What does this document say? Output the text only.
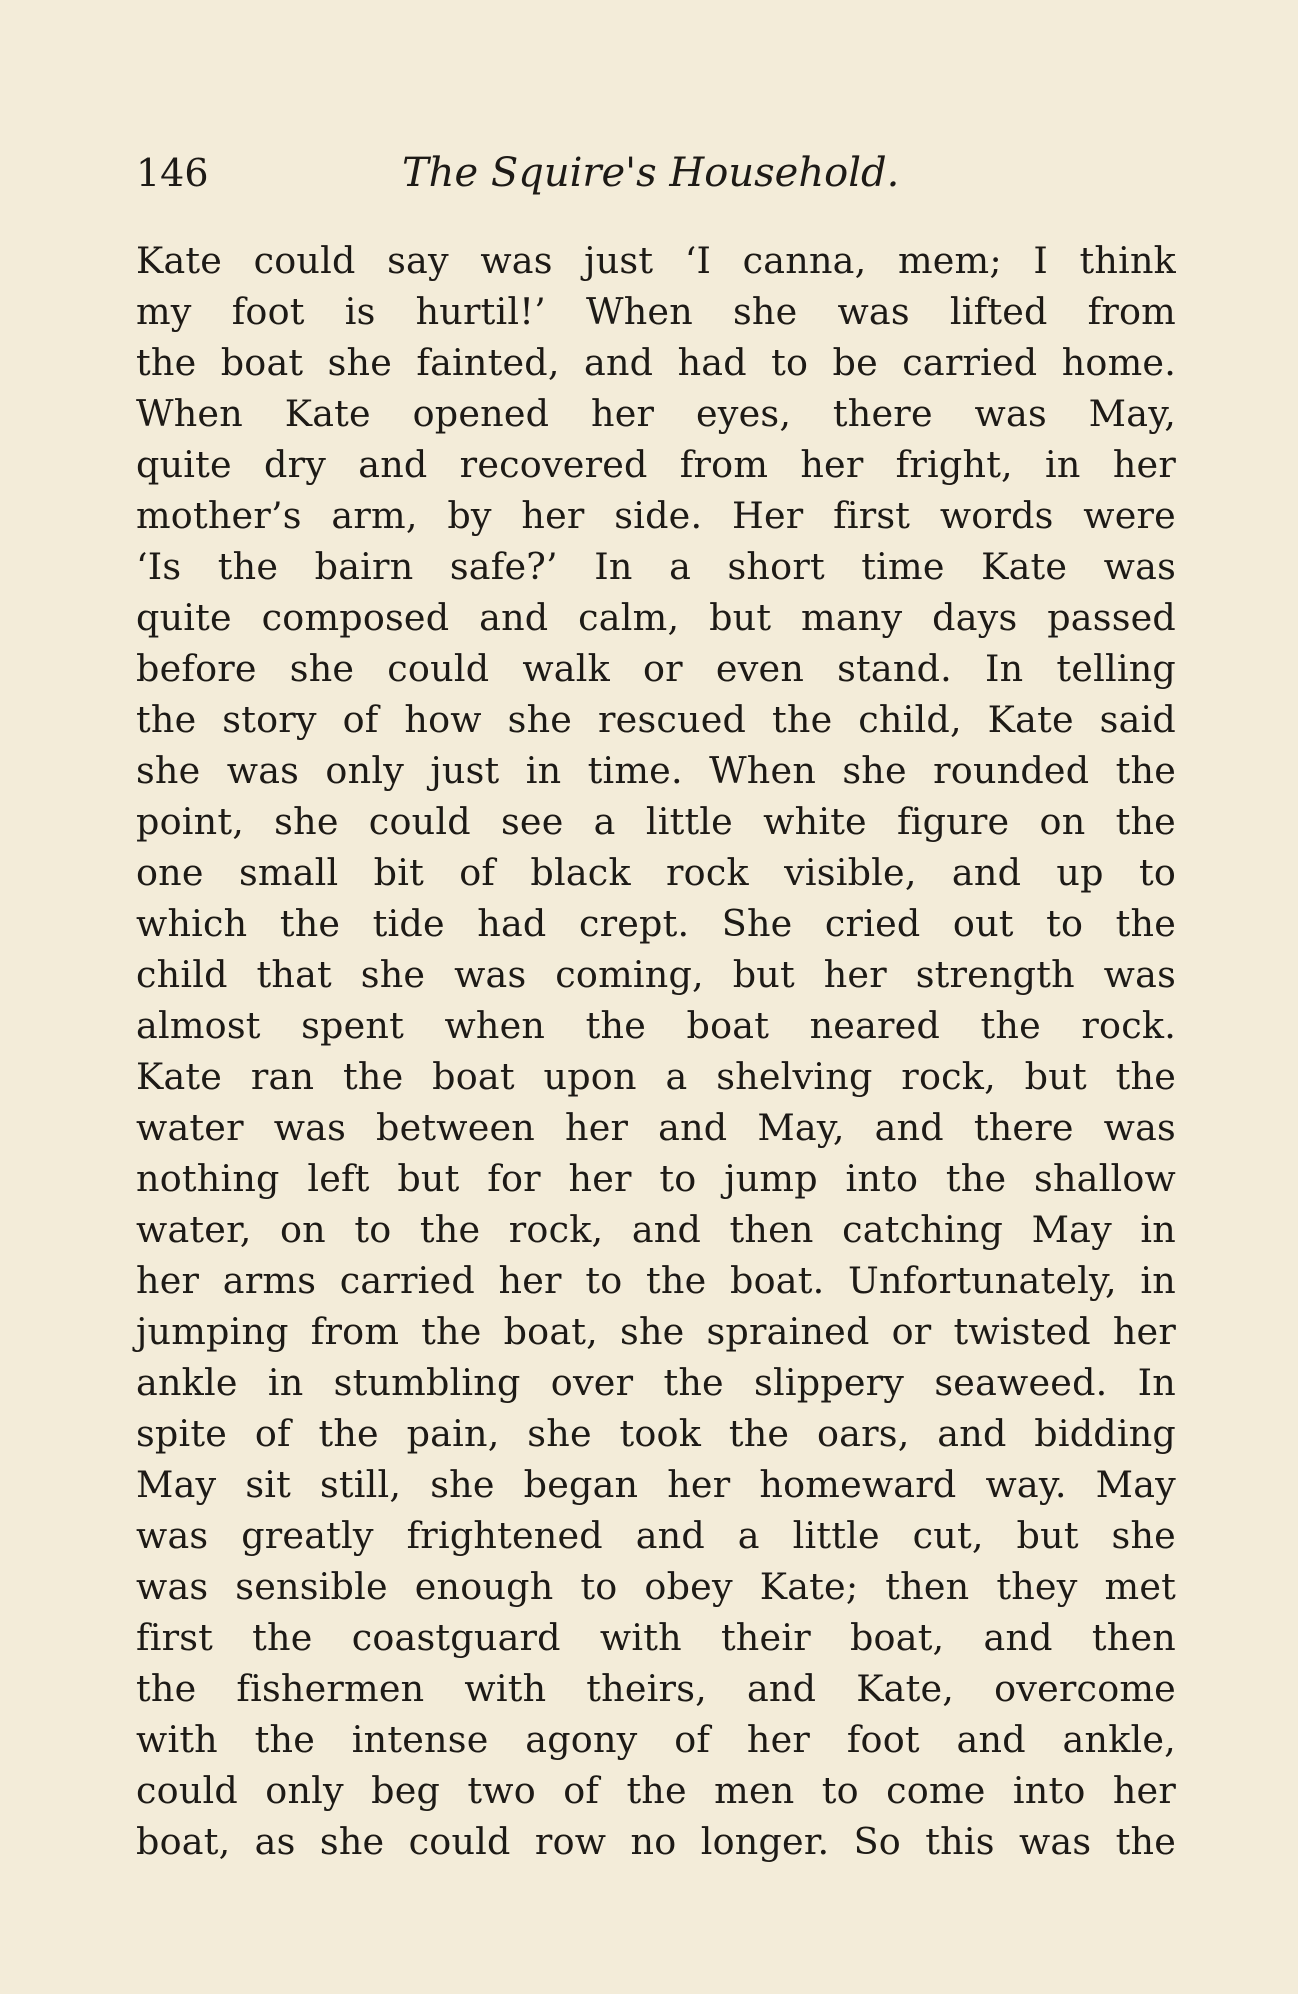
146	The Squire's Household.
Kate could say was just ‘I canna, mem; I think
my foot is hurtil!’ When she was lifted from
the boat she fainted, and had to be carried home.
When Kate opened her eyes, there was May,
quite dry and recovered from her fright, in her
mother’s arm, by her side. Her first words were
‘Is the bairn safe?’ In a short time Kate was
quite composed and calm, but many days passed
before she could walk or even stand. In telling
the story of how she rescued the child, Kate said
she was only just in time. When she rounded the
point, she could see a little white figure on the
one small bit of black rock visible, and up to
which the tide had crept. She cried out to the
child that she was coming, but her strength was
almost spent when the boat neared the rock.
Kate ran the boat upon a shelving rock, but the
water was between her and May, and there was
nothing left but for her to jump into the shallow
water, on to the rock, and then catching May in
her arms carried her to the boat. Unfortunately, in
jumping from the boat, she sprained or twisted her
ankle in stumbling over the slippery seaweed. In
spite of the pain, she took the oars, and bidding
May sit still, she began her homeward way. May
was greatly frightened and a little cut, but she
was sensible enough to obey Kate; then they met
first the coastguard with their boat, and then
the fishermen with theirs, and Kate, overcome
with the intense agony of her foot and ankle,
could only beg two of the men to come into her
boat, as she could row no longer. So this was the
